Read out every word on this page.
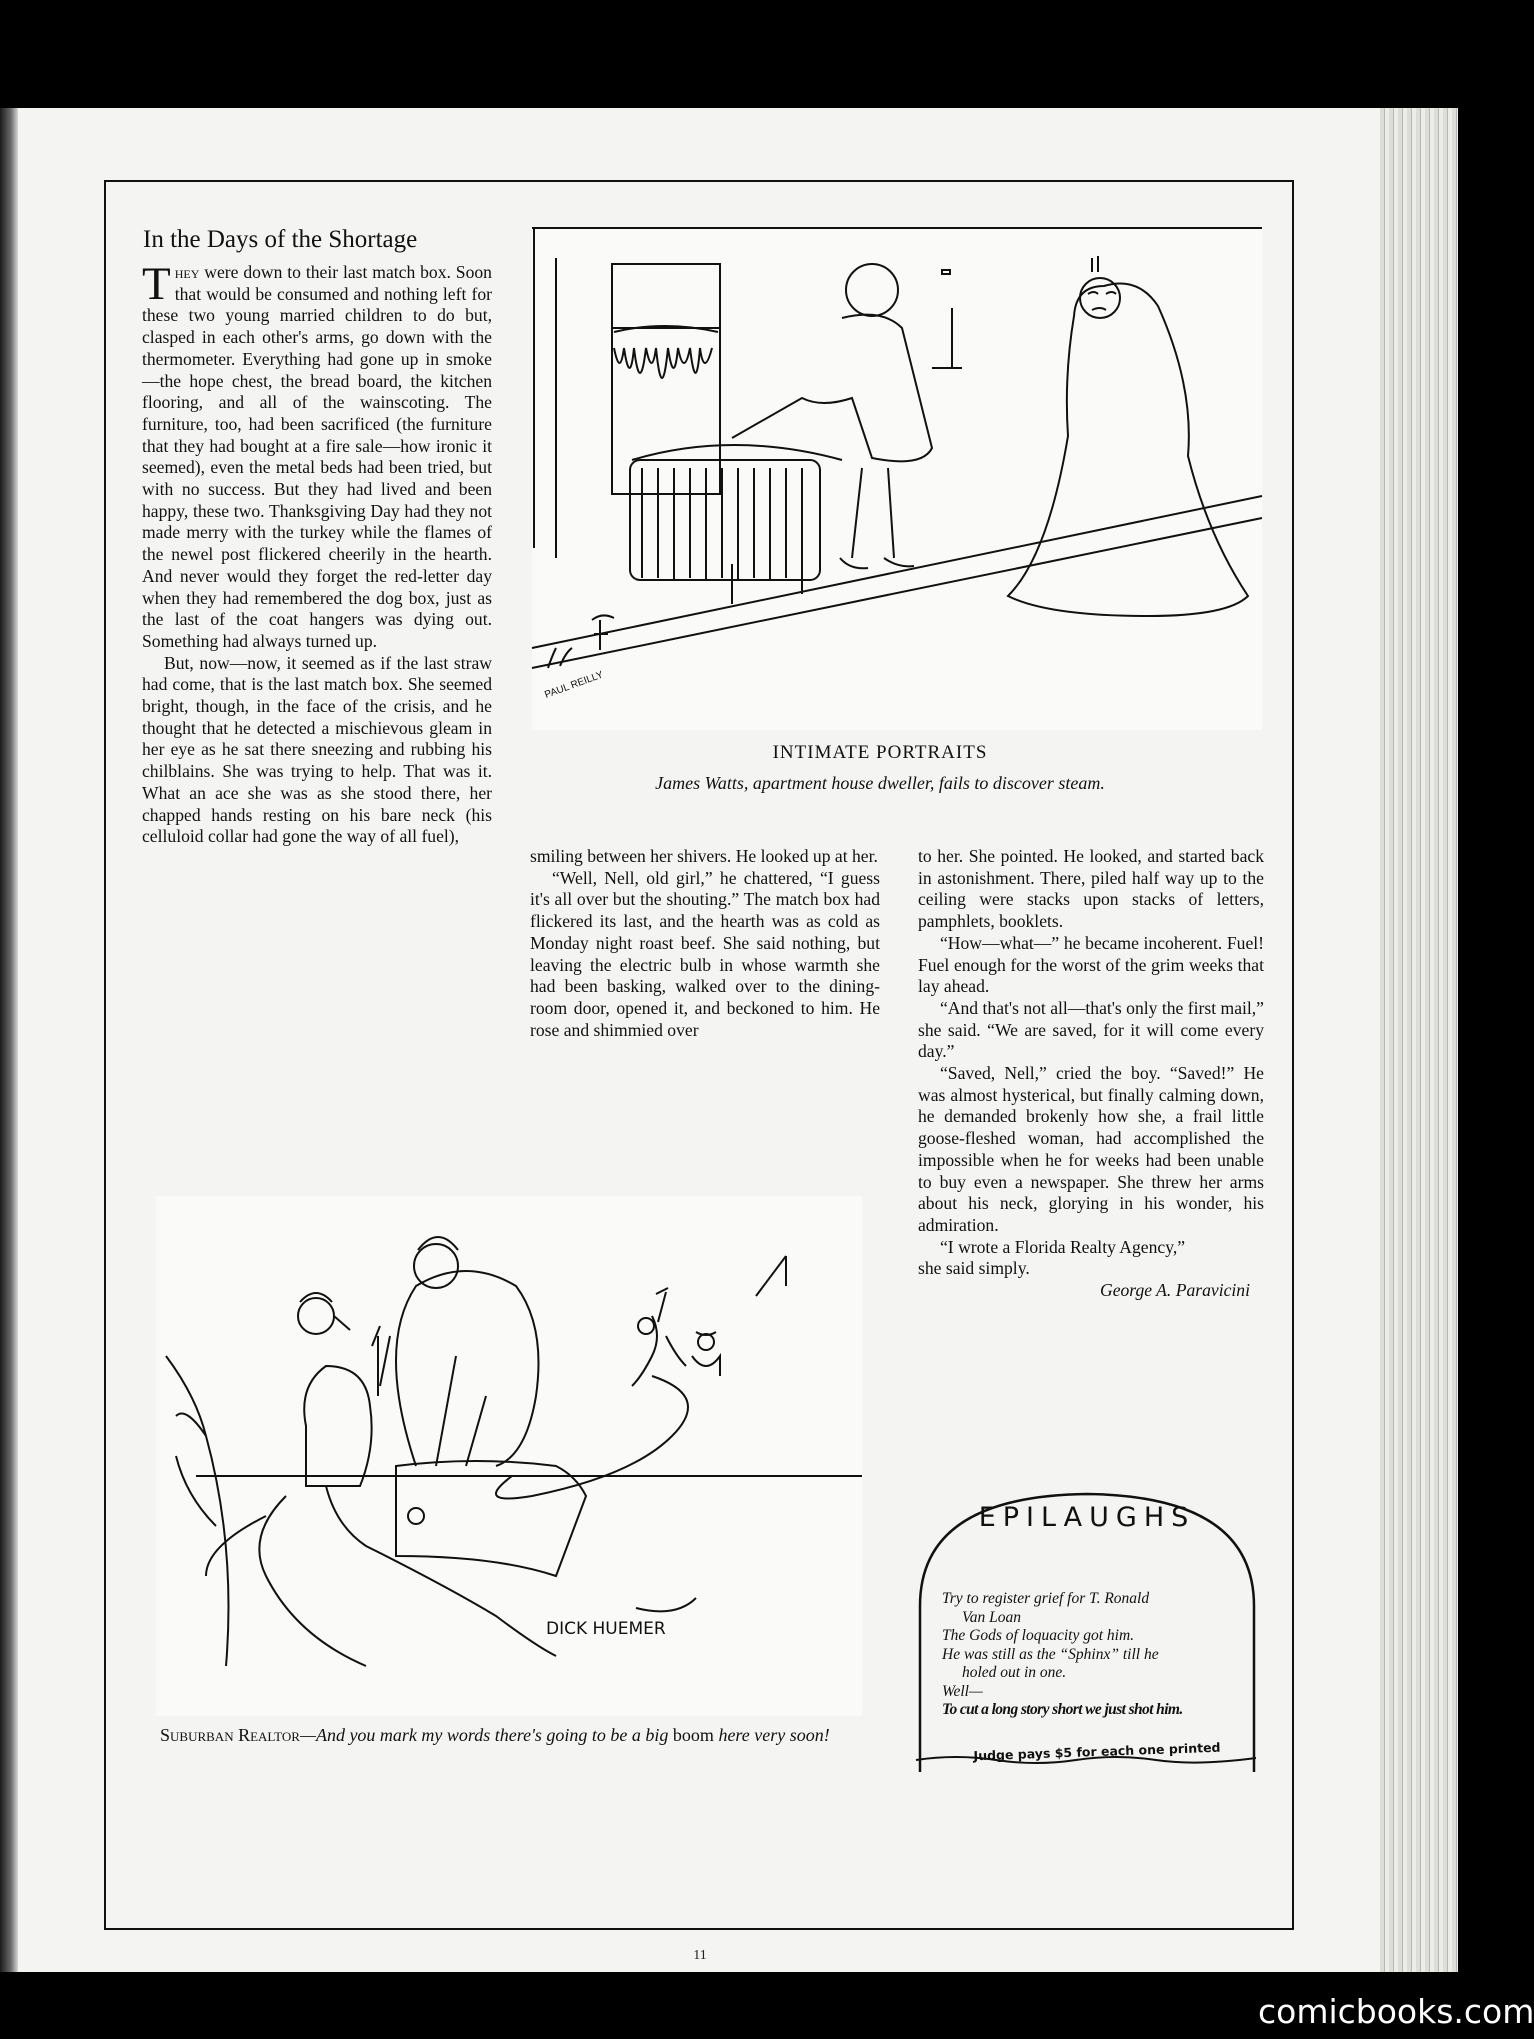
In the Days of the Shortage

They were down to their last match box. Soon that would be consumed and nothing left for these two young married children to do but, clasped in each other's arms, go down with the thermometer. Everything had gone up in smoke—the hope chest, the bread board, the kitchen flooring, and all of the wainscoting. The furniture, too, had been sacrificed (the furniture that they had bought at a fire sale—how ironic it seemed), even the metal beds had been tried, but with no success. But they had lived and been happy, these two. Thanksgiving Day had they not made merry with the turkey while the flames of the newel post flickered cheerily in the hearth. And never would they forget the red-letter day when they had remembered the dog box, just as the last of the coat hangers was dying out. Something had always turned up.

But, now—now, it seemed as if the last straw had come, that is the last match box. She seemed bright, though, in the face of the crisis, and he thought that he detected a mischievous gleam in her eye as he sat there sneezing and rubbing his chilblains. She was trying to help. That was it. What an ace she was as she stood there, her chapped hands resting on his bare neck (his celluloid collar had gone the way of all fuel),

smiling between her shivers. He looked up at her.

“Well, Nell, old girl,” he chattered, “I guess it's all over but the shouting.” The match box had flickered its last, and the hearth was as cold as Monday night roast beef. She said nothing, but leaving the electric bulb in whose warmth she had been basking, walked over to the dining-room door, opened it, and beckoned to him. He rose and shimmied over

to her. She pointed. He looked, and started back in astonishment. There, piled half way up to the ceiling were stacks upon stacks of letters, pamphlets, booklets.

“How—what—” he became incoherent. Fuel! Fuel enough for the worst of the grim weeks that lay ahead.

“And that's not all—that's only the first mail,” she said. “We are saved, for it will come every day.”

“Saved, Nell,” cried the boy. “Saved!” He was almost hysterical, but finally calming down, he demanded brokenly how she, a frail little goose-fleshed woman, had accomplished the impossible when he for weeks had been unable to buy even a newspaper. She threw her arms about his neck, glorying in his wonder, his admiration.

“I wrote a Florida Realty Agency,”

she said simply.

George A. Paravicini

PAUL REILLY
INTIMATE PORTRAITS
James Watts, apartment house dweller, fails to discover steam.
DICK HUEMER
Suburban Realtor—And you mark my words there's going to be a big boom here very soon!
EPILAUGHS
Try to register grief for T. Ronald
Van Loan
The Gods of loquacity got him.
He was still as the “Sphinx” till he
holed out in one.
Well—
To cut a long story short we just shot him.
Judge pays $5 for each one printed
11
comicbooks.com
